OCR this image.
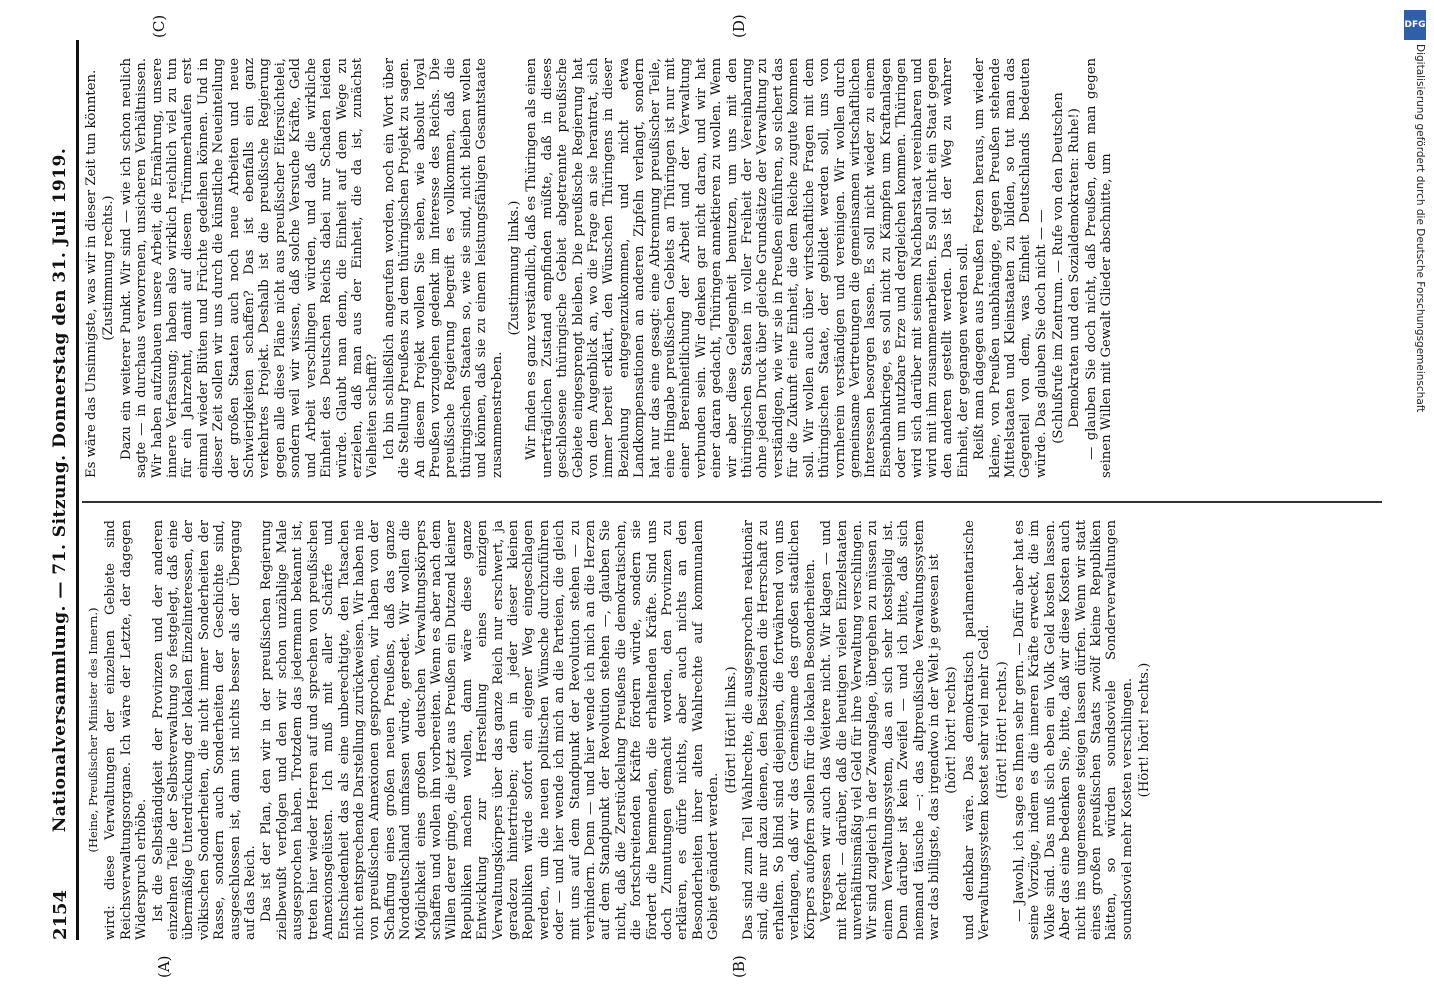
2154
Nationalversammlung. — 71. Sitzung. Donnerstag den 31. Juli 1919.
(A)	(B)
(C)	(D)

(Heine, Preußischer Minister des Innern.) wird: diese Verwaltungen der einzelnen Gebiete sind Reichsverwaltungsorgane. Ich wäre der Letzte, der dagegen Widerspruch erhöbe. Ist die Selbständigkeit der Provinzen und der anderen einzelnen Teile der Selbstverwaltung so festgelegt, daß eine übermäßige Unterdrückung der lokalen Einzelinteressen, der völkischen Sonderheiten, die nicht immer Sonderheiten der Rasse, sondern auch Sonderheiten der Geschichte sind, ausgeschlossen ist, dann ist nichts besser als der Übergang auf das Reich. Das ist der Plan, den wir in der preußischen Regierung zielbewußt verfolgen und den wir schon unzählige Male ausgesprochen haben. Trotzdem das jedermann bekannt ist, treten hier wieder Herren auf und sprechen von preußischen Annexionsgelüsten. Ich muß mit aller Schärfe und Entschiedenheit das als eine unberechtigte, den Tatsachen nicht entsprechende Darstellung zurückweisen. Wir haben nie von preußischen Annexionen gesprochen, wir haben von der Schaffung eines großen neuen Preußens, daß das ganze Norddeutschland umfassen würde, geredet. Wir wollen die Möglichkeit eines großen deutschen Verwaltungskörpers schaffen und wollen ihn vorbereiten. Wenn es aber nach dem Willen derer ginge, die jetzt aus Preußen ein Dutzend kleiner Republiken machen wollen, dann wäre diese ganze Entwicklung zur Herstellung eines einzigen Verwaltungskörpers über das ganze Reich nur erschwert, ja geradezu hintertrieben; denn in jeder dieser kleinen Republiken würde sofort ein eigener Weg eingeschlagen werden, um die neuen politischen Wünsche durchzuführen oder — und hier wende ich mich an die Parteien, die gleich mit uns auf dem Standpunkt der Revolution stehen — zu verhindern. Denn — und hier wende ich mich an die Herzen auf dem Standpunkt der Revolution stehen —, glauben Sie nicht, daß die Zerstückelung Preußens die demokratischen, die fortschreitenden Kräfte fördern würde, sondern sie fördert die hemmenden, die erhaltenden Kräfte. Sind uns doch Zumutungen gemacht worden, den Provinzen zu erklären, es dürfe nichts, aber auch nichts an den Besonderheiten ihrer alten Wahlrechte auf kommunalem Gebiet geändert werden.

(Hört! Hört! links.) Das sind zum Teil Wahlrechte, die ausgesprochen reaktionär sind, die nur dazu dienen, den Besitzenden die Herrschaft zu erhalten. So blind sind diejenigen, die fortwährend von uns verlangen, daß wir das Gemeinsame des großen staatlichen Körpers aufopfern sollen für die lokalen Besonderheiten. Vergessen wir auch das Weitere nicht. Wir klagen — und mit Recht — darüber, daß die heutigen vielen Einzelstaaten unverhältnismäßig viel Geld für ihre Verwaltung verschlingen. Wir sind zugleich in der Zwangslage, übergehen zu müssen zu einem Verwaltungssystem, das an sich sehr kostspielig ist. Denn darüber ist kein Zweifel — und ich bitte, daß sich niemand täusche —: das altpreußische Verwaltungssystem war das billigste, das irgendwo in der Welt je gewesen ist (hört! hört! rechts) und denkbar wäre. Das demokratisch parlamentarische Verwaltungssystem kostet sehr viel mehr Geld. (Hört! Hört! rechts.) — Jawohl, ich sage es Ihnen sehr gern. — Dafür aber hat es seine Vorzüge, indem es die inneren Kräfte erweckt, die im Volke sind. Das muß sich eben ein Volk Geld kosten lassen. Aber das eine bedenken Sie, bitte, daß wir diese Kosten auch nicht ins ungemessene steigen lassen dürfen. Wenn wir statt eines großen preußischen Staats zwölf kleine Republiken hätten, so würden soundsoviele Sonderverwaltungen soundsoviel mehr Kosten verschlingen. (Hört! hört! rechts.)

Es wäre das Unsinnigste, was wir in dieser Zeit tun könnten. (Zustimmung rechts.) Dazu ein weiterer Punkt. Wir sind — wie ich schon neulich sagte — in durchaus verworrenen, unsicheren Verhältnissen. Wir haben aufzubauen unsere Arbeit, die Ernährung, unsere innere Verfassung; haben also wirklich reichlich viel zu tun für ein Jahrzehnt, damit auf diesem Trümmerhaufen erst einmal wieder Blüten und Früchte gedeihen können. Und in dieser Zeit sollen wir uns durch die künstliche Neueinteilung der großen Staaten auch noch neue Arbeiten und neue Schwierigkeiten schaffen? Das ist ebenfalls ein ganz verkehrtes Projekt. Deshalb ist die preußische Regierung gegen alle diese Pläne nicht aus preußischer Eifersüchtelei, sondern weil wir wissen, daß solche Versuche Kräfte, Geld und Arbeit verschlingen würden, und daß die wirkliche Einheit des Deutschen Reichs dabei nur Schaden leiden würde. Glaubt man denn, die Einheit auf dem Wege zu erzielen, daß man aus der Einheit, die da ist, zunächst Vielheiten schafft? Ich bin schließlich angerufen worden, noch ein Wort über die Stellung Preußens zu dem thüringischen Projekt zu sagen. An diesem Projekt wollen Sie sehen, wie absolut loyal Preußen vorzugehen gedenkt im Interesse des Reichs. Die preußische Regierung begreift es vollkommen, daß die thüringischen Staaten so, wie sie sind, nicht bleiben wollen und können, daß sie zu einem leistungsfähigen Gesamtstaate zusammenstreben.

(Zustimmung links.) Wir finden es ganz verständlich, daß es Thüringen als einen unerträglichen Zustand empfinden müßte, daß in dieses geschlossene thüringische Gebiet abgetrennte preußische Gebiete eingesprengt bleiben. Die preußische Regierung hat von dem Augenblick an, wo die Frage an sie herantrat, sich immer bereit erklärt, den Wünschen Thüringens in dieser Beziehung entgegenzukommen, und nicht etwa Landkompensationen an anderen Zipfeln verlangt, sondern hat nur das eine gesagt: eine Abtrennung preußischer Teile, eine Hingabe preußischen Gebiets an Thüringen ist nur mit einer Bereinheitlichung der Arbeit und der Verwaltung verbunden sein. Wir denken gar nicht daran, und wir hat einer daran gedacht, Thüringen annektieren zu wollen. Wenn wir aber diese Gelegenheit benutzen, um uns mit den thüringischen Staaten in voller Freiheit der Vereinbarung ohne jeden Druck über gleiche Grundsätze der Verwaltung zu verständigen, wie wir sie in Preußen einführen, so sichert das für die Zukunft eine Einheit, die dem Reiche zugute kommen soll. Wir wollen auch über wirtschaftliche Fragen mit dem thüringischen Staate, der gebildet werden soll, uns von vornherein verständigen und vereinigen. Wir wollen durch gemeinsame Vertretungen die gemeinsamen wirtschaftlichen Interessen besorgen lassen. Es soll nicht wieder zu einem Eisenbahnkriege, es soll nicht zu Kämpfen um Kraftanlagen oder um nutzbare Erze und dergleichen kommen. Thüringen wird sich darüber mit seinem Nachbarstaat vereinbaren und wird mit ihm zusammenarbeiten. Es soll nicht ein Staat gegen den anderen gestellt werden. Das ist der Weg zu wahrer Einheit, der gegangen werden soll. Reißt man dagegen aus Preußen Fetzen heraus, um wieder kleine, von Preußen unabhängige, gegen Preußen stehende Mittelstaaten und Kleinstaaten zu bilden, so tut man das Gegenteil von dem, was Einheit Deutschlands bedeuten würde. Das glauben Sie doch nicht — — (Schlußrufe im Zentrum. — Rufe von den Deutschen Demokraten und den Sozialdemokraten: Ruhe!) — glauben Sie doch nicht, daß Preußen, dem man gegen seinen Willen mit Gewalt Glieder abschnitte, um

DFG
Digitalisierung gefördert durch die Deutsche Forschungsgemeinschaft
